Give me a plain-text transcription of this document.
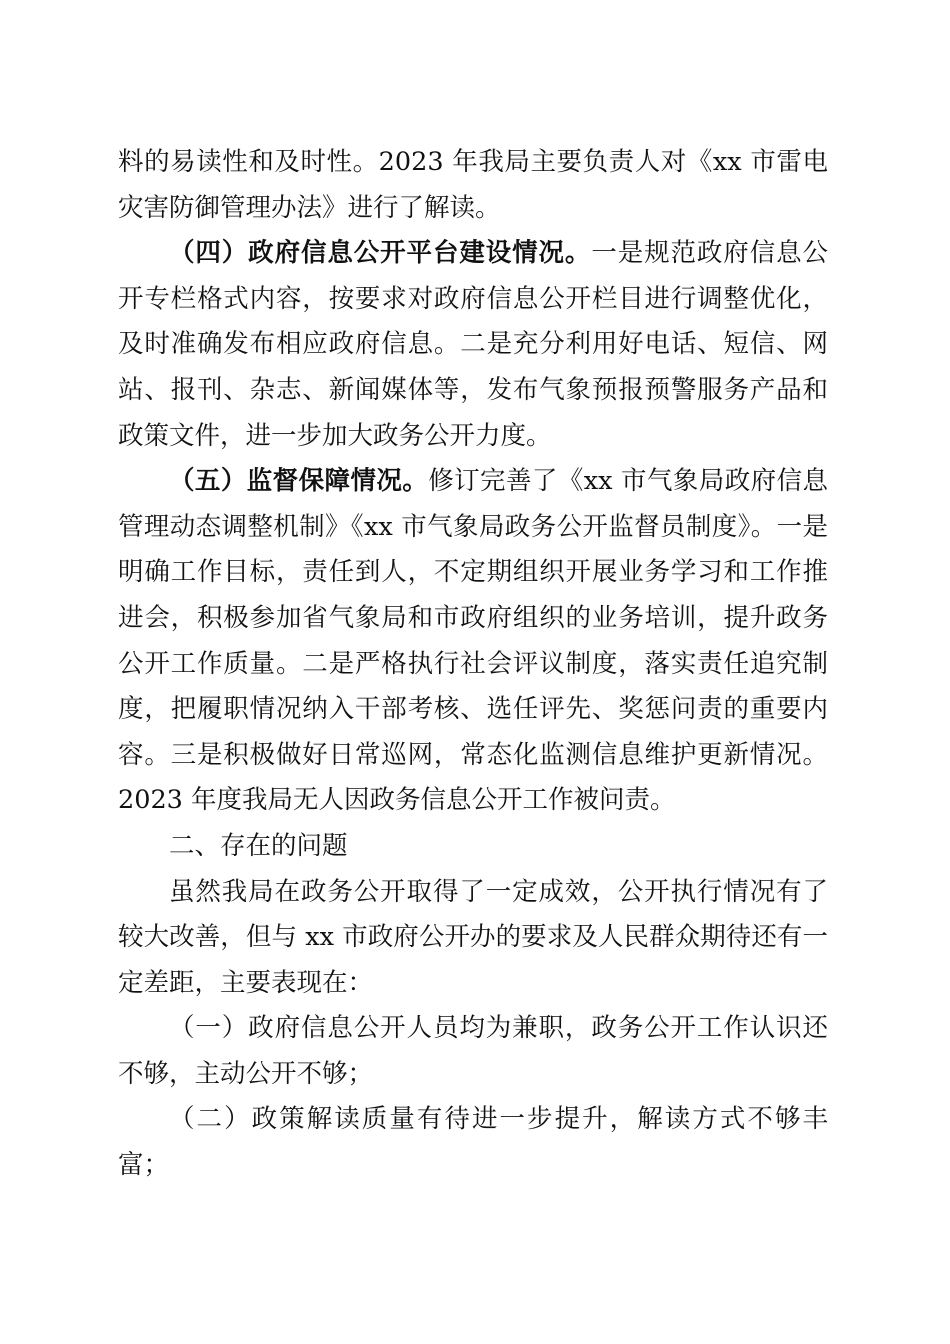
料的易读性和及时性。2023 年我局主要负责人对《xx 市雷电灾害防御管理办法》进行了解读。

（四）政府信息公开平台建设情况。一是规范政府信息公开专栏格式内容，按要求对政府信息公开栏目进行调整优化，及时准确发布相应政府信息。二是充分利用好电话、短信、网站、报刊、杂志、新闻媒体等，发布气象预报预警服务产品和政策文件，进一步加大政务公开力度。

（五）监督保障情况。修订完善了《xx 市气象局政府信息管理动态调整机制》《xx 市气象局政务公开监督员制度》。一是明确工作目标，责任到人，不定期组织开展业务学习和工作推进会，积极参加省气象局和市政府组织的业务培训，提升政务公开工作质量。二是严格执行社会评议制度，落实责任追究制度，把履职情况纳入干部考核、选任评先、奖惩问责的重要内容。三是积极做好日常巡网，常态化监测信息维护更新情况。2023 年度我局无人因政务信息公开工作被问责。

二、存在的问题

虽然我局在政务公开取得了一定成效，公开执行情况有了较大改善，但与 xx 市政府公开办的要求及人民群众期待还有一定差距，主要表现在：

（一）政府信息公开人员均为兼职，政务公开工作认识还不够，主动公开不够；

（二）政策解读质量有待进一步提升，解读方式不够丰富；
